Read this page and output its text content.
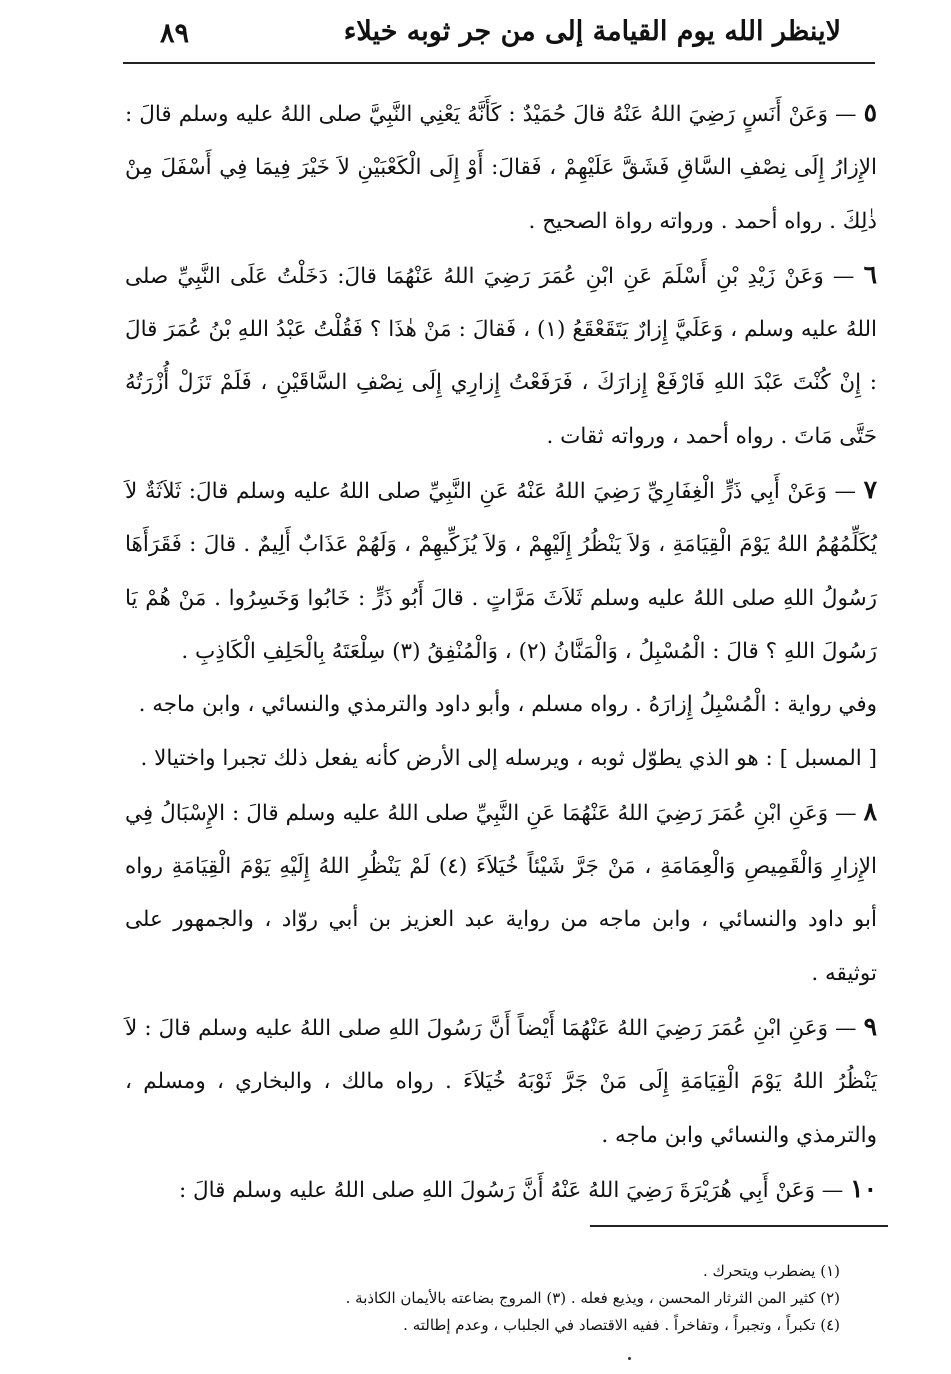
لاينظر الله يوم القيامة إلى من جر ثوبه خيلاء
٨٩

٥ — وَعَنْ أَنَسٍ رَضِيَ اللهُ عَنْهُ قالَ حُمَيْدٌ : كَأَنَّهُ يَعْنِي النَّبِيَّ صلى اللهُ عليه وسلم قالَ : الإِزارُ إِلَى نِصْفِ السَّاقِ فَشَقَّ عَلَيْهِمْ ، فَقالَ: أَوْ إِلَى الْكَعْبَيْنِ لاَ خَيْرَ فِيمَا فِي أَسْفَلَ مِنْ ذٰلِكَ . رواه أحمد . ورواته رواة الصحيح .

٦ — وَعَنْ زَيْدِ بْنِ أَسْلَمَ عَنِ ابْنِ عُمَرَ رَضِيَ اللهُ عَنْهُمَا قالَ: دَخَلْتُ عَلَى النَّبِيِّ صلى اللهُ عليه وسلم ، وَعَلَيَّ إِزارٌ يَتَقَعْقَعُ (١) ، فَقالَ : مَنْ هٰذَا ؟ فَقُلْتُ عَبْدُ اللهِ بْنُ عُمَرَ قالَ : إِنْ كُنْتَ عَبْدَ اللهِ فَارْفَعْ إِزارَكَ ، فَرَفَعْتُ إِزارِي إِلَى نِصْفِ السَّاقَيْنِ ، فَلَمْ تَزَلْ أُزْرَتُهُ حَتَّى مَاتَ . رواه أحمد ، ورواته ثقات .

٧ — وَعَنْ أَبِي ذَرٍّ الْغِفَارِيِّ رَضِيَ اللهُ عَنْهُ عَنِ النَّبِيِّ صلى اللهُ عليه وسلم قالَ: ثَلاَثَةٌ لاَ يُكَلِّمُهُمُ اللهُ يَوْمَ الْقِيَامَةِ ، وَلاَ يَنْظُرُ إِلَيْهِمْ ، وَلاَ يُزَكِّيهِمْ ، وَلَهُمْ عَذَابٌ أَلِيمٌ . قالَ : فَقَرَأَهَا رَسُولُ اللهِ صلى اللهُ عليه وسلم ثَلاَثَ مَرَّاتٍ . قالَ أَبُو ذَرٍّ : خَابُوا وَخَسِرُوا . مَنْ هُمْ يَا رَسُولَ اللهِ ؟ قالَ : الْمُسْبِلُ ، وَالْمَنَّانُ (٢) ، وَالْمُنْفِقُ (٣) سِلْعَتَهُ بِالْحَلِفِ الْكَاذِبِ .

وفي رواية : الْمُسْبِلُ إِزارَهُ . رواه مسلم ، وأبو داود والترمذي والنسائي ، وابن ماجه .

[ المسبل ] : هو الذي يطوّل ثوبه ، ويرسله إلى الأرض كأنه يفعل ذلك تجبرا واختيالا .

٨ — وَعَنِ ابْنِ عُمَرَ رَضِيَ اللهُ عَنْهُمَا عَنِ النَّبِيِّ صلى اللهُ عليه وسلم قالَ : الإِسْبَالُ فِي الإِزارِ وَالْقَمِيصِ وَالْعِمَامَةِ ، مَنْ جَرَّ شَيْئاً خُيَلاَءَ (٤) لَمْ يَنْظُرِ اللهُ إِلَيْهِ يَوْمَ الْقِيَامَةِ رواه أبو داود والنسائي ، وابن ماجه من رواية عبد العزيز بن أبي روّاد ، والجمهور على توثيقه .

٩ — وَعَنِ ابْنِ عُمَرَ رَضِيَ اللهُ عَنْهُمَا أَيْضاً أَنَّ رَسُولَ اللهِ صلى اللهُ عليه وسلم قالَ : لاَ يَنْظُرُ اللهُ يَوْمَ الْقِيَامَةِ إِلَى مَنْ جَرَّ ثَوْبَهُ خُيَلاَءَ . رواه مالك ، والبخاري ، ومسلم ، والترمذي والنسائي وابن ماجه .

١٠ — وَعَنْ أَبِي هُرَيْرَةَ رَضِيَ اللهُ عَنْهُ أَنَّ رَسُولَ اللهِ صلى اللهُ عليه وسلم قالَ :

(١) يضطرب ويتحرك .
(٢) كثير المن الثرثار المحسن ، ويذيع فعله . (٣) المروج بضاعته بالأيمان الكاذبة .
(٤) تكبراً ، وتجبراً ، وتفاخراً . ففيه الاقتصاد في الجلباب ، وعدم إطالته .
